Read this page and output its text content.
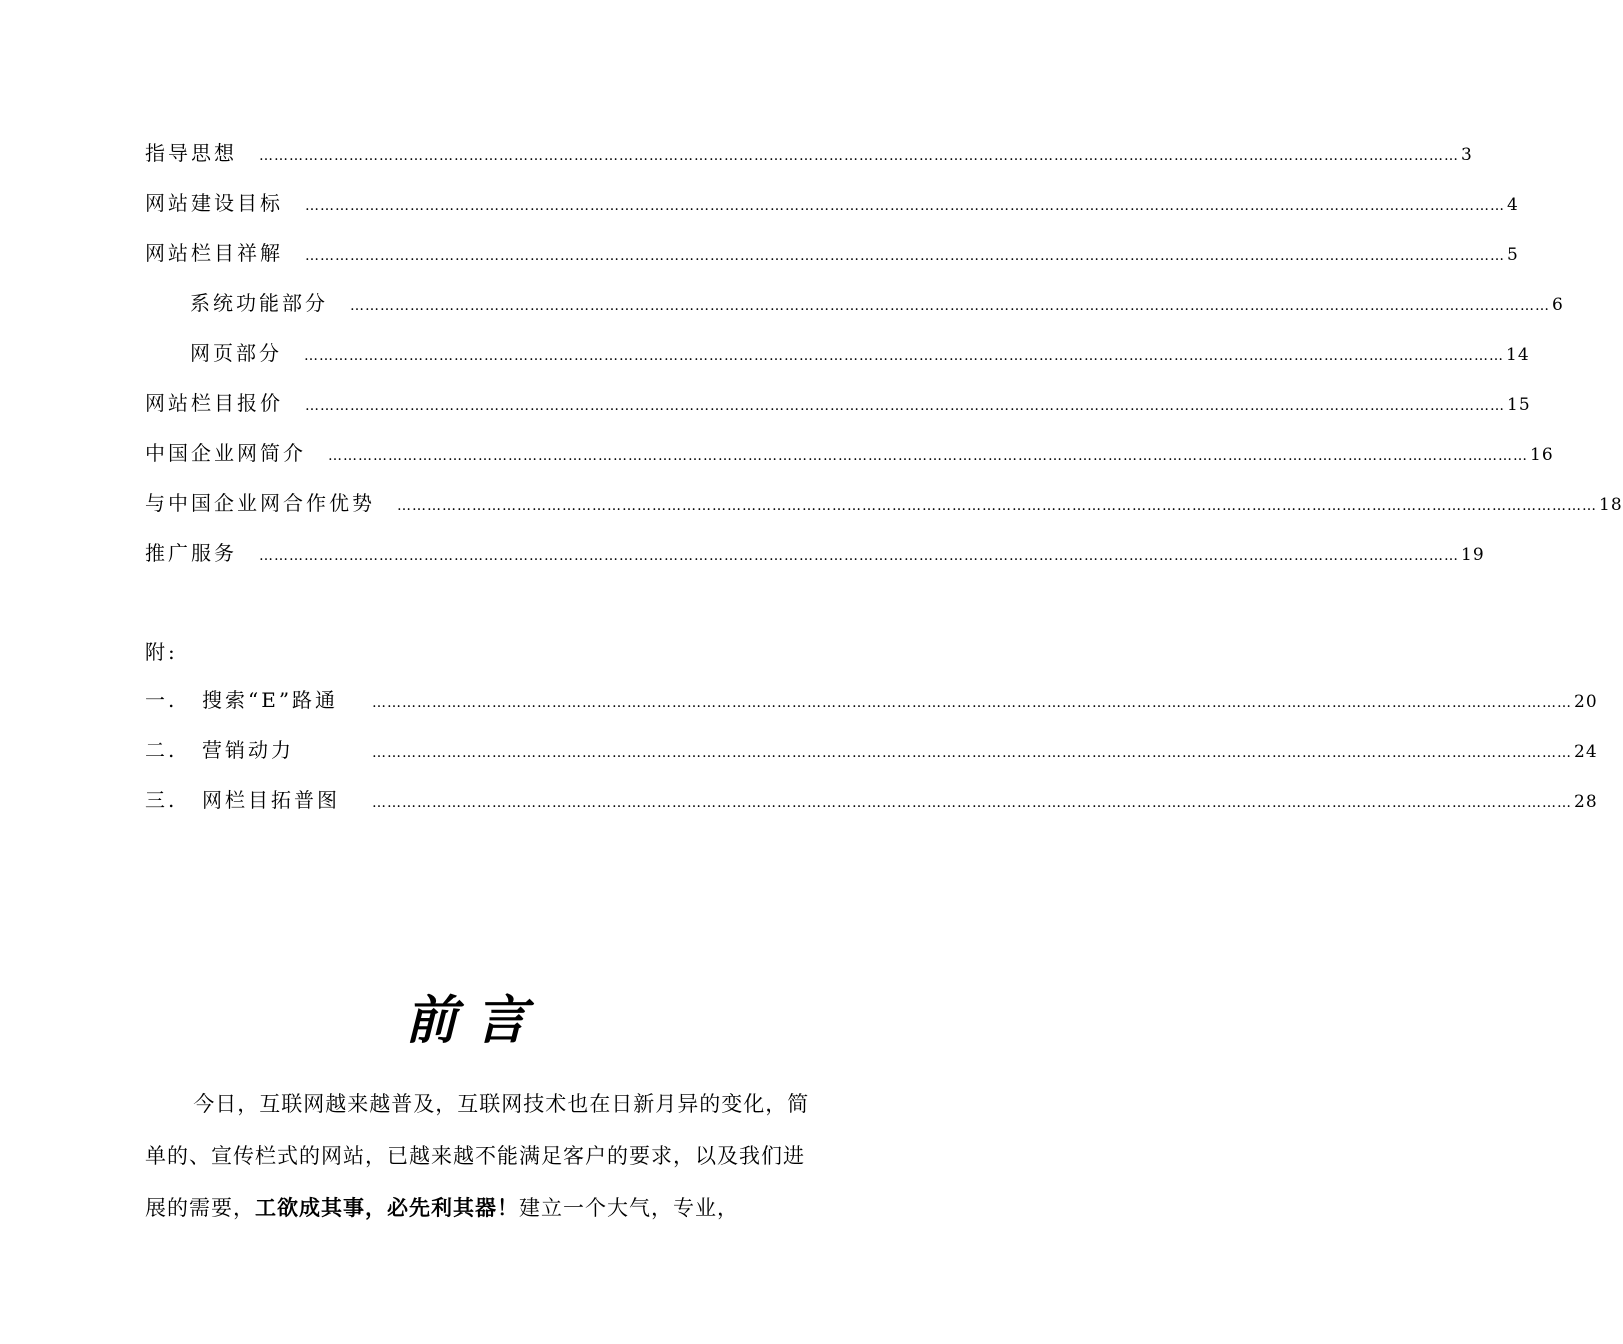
指导思想	…………………………………………………………………………………………………………………………………………………………………………………………………………………… 3
网站建设目标	…………………………………………………………………………………………………………………………………………………………………………………………………………………… 4
网站栏目祥解	…………………………………………………………………………………………………………………………………………………………………………………………………………………… 5
系统功能部分	…………………………………………………………………………………………………………………………………………………………………………………………………………………… 6
网页部分	…………………………………………………………………………………………………………………………………………………………………………………………………………………… 14
网站栏目报价	…………………………………………………………………………………………………………………………………………………………………………………………………………………… 15
中国企业网简介	…………………………………………………………………………………………………………………………………………………………………………………………………………………… 16
与中国企业网合作优势	…………………………………………………………………………………………………………………………………………………………………………………………………………………… 18
推广服务	…………………………………………………………………………………………………………………………………………………………………………………………………………………… 19
附:
一.	搜索“E”路通	…………………………………………………………………………………………………………………………………………………………………………………………………………………… 20
二.	营销动力	…………………………………………………………………………………………………………………………………………………………………………………………………………………… 24
三.	网栏目拓普图	…………………………………………………………………………………………………………………………………………………………………………………………………………………… 28
前言

今日，互联网越来越普及，互联网技术也在日新月异的变化，简单的、宣传栏式的网站，已越来越不能满足客户的要求，以及我们进展的需要，工欲成其事，必先利其器！建立一个大气，专业，
